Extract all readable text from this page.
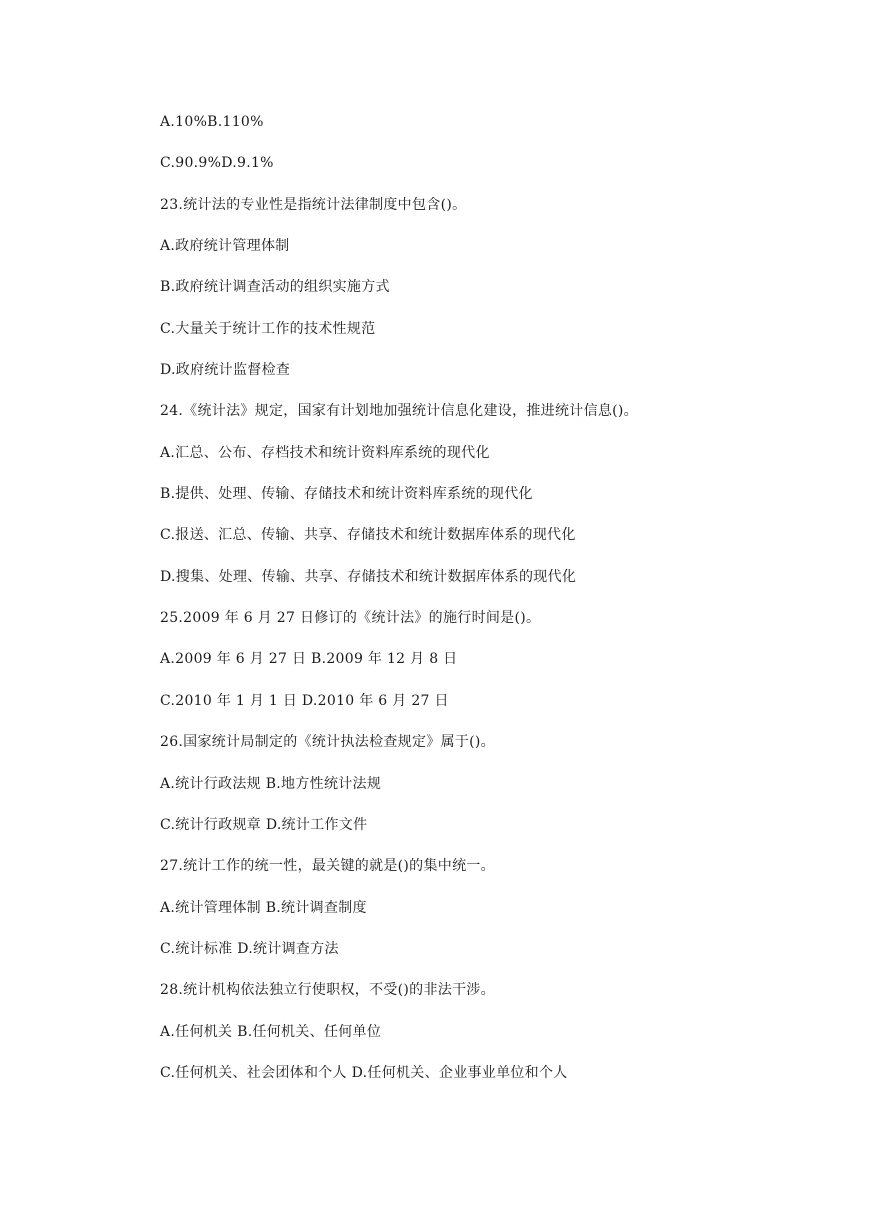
A.10%B.110%
C.90.9%D.9.1%
23.统计法的专业性是指统计法律制度中包含()。
A.政府统计管理体制
B.政府统计调查活动的组织实施方式
C.大量关于统计工作的技术性规范
D.政府统计监督检查
24.《统计法》规定，国家有计划地加强统计信息化建设，推进统计信息()。
A.汇总、公布、存档技术和统计资料库系统的现代化
B.提供、处理、传输、存储技术和统计资料库系统的现代化
C.报送、汇总、传输、共享、存储技术和统计数据库体系的现代化
D.搜集、处理、传输、共享、存储技术和统计数据库体系的现代化
25.2009 年 6 月 27 日修订的《统计法》的施行时间是()。
A.2009 年 6 月 27 日 B.2009 年 12 月 8 日
C.2010 年 1 月 1 日 D.2010 年 6 月 27 日
26.国家统计局制定的《统计执法检查规定》属于()。
A.统计行政法规 B.地方性统计法规
C.统计行政规章 D.统计工作文件
27.统计工作的统一性，最关键的就是()的集中统一。
A.统计管理体制 B.统计调查制度
C.统计标准 D.统计调查方法
28.统计机构依法独立行使职权，不受()的非法干涉。
A.任何机关 B.任何机关、任何单位
C.任何机关、社会团体和个人 D.任何机关、企业事业单位和个人
